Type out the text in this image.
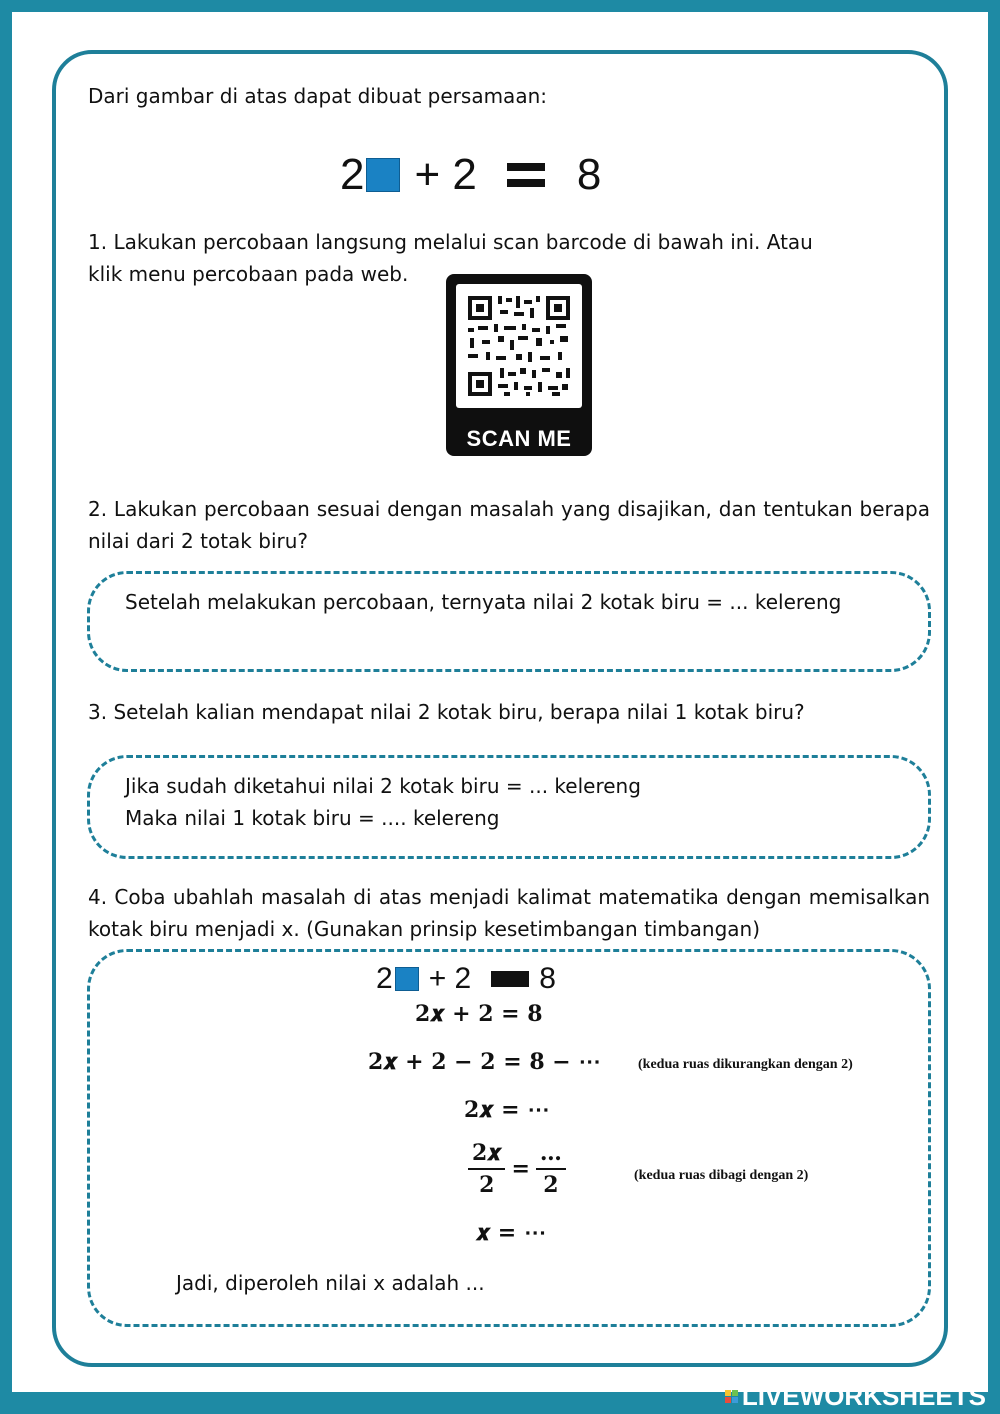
Dari gambar di atas dapat dibuat persamaan:
2 + 2 8
1. Lakukan percobaan langsung melalui scan barcode di bawah ini. Atau
klik menu percobaan pada web.
SCAN ME
2. Lakukan percobaan sesuai dengan masalah yang disajikan, dan tentukan berapa nilai dari 2 totak biru?
Setelah melakukan percobaan, ternyata nilai 2 kotak biru = ... kelereng
3. Setelah kalian mendapat nilai 2 kotak biru, berapa nilai 1 kotak biru?
Jika sudah diketahui nilai 2 kotak biru = ... kelereng
Maka nilai 1 kotak biru = .... kelereng
4. Coba ubahlah masalah di atas menjadi kalimat matematika dengan memisalkan kotak biru menjadi x. (Gunakan prinsip kesetimbangan timbangan)
2 + 2 8
2𝒙 + 2 = 8
2𝒙 + 2 − 2 = 8 − ⋯	(kedua ruas dikurangkan dengan 2)
2𝒙 = ⋯
$\frac{\text{2𝒙}}{2} = \frac{\dots}{2}$	(kedua ruas dibagi dengan 2)
𝒙 = ⋯
Jadi, diperoleh nilai x adalah ...
LIVEWORKSHEETS
